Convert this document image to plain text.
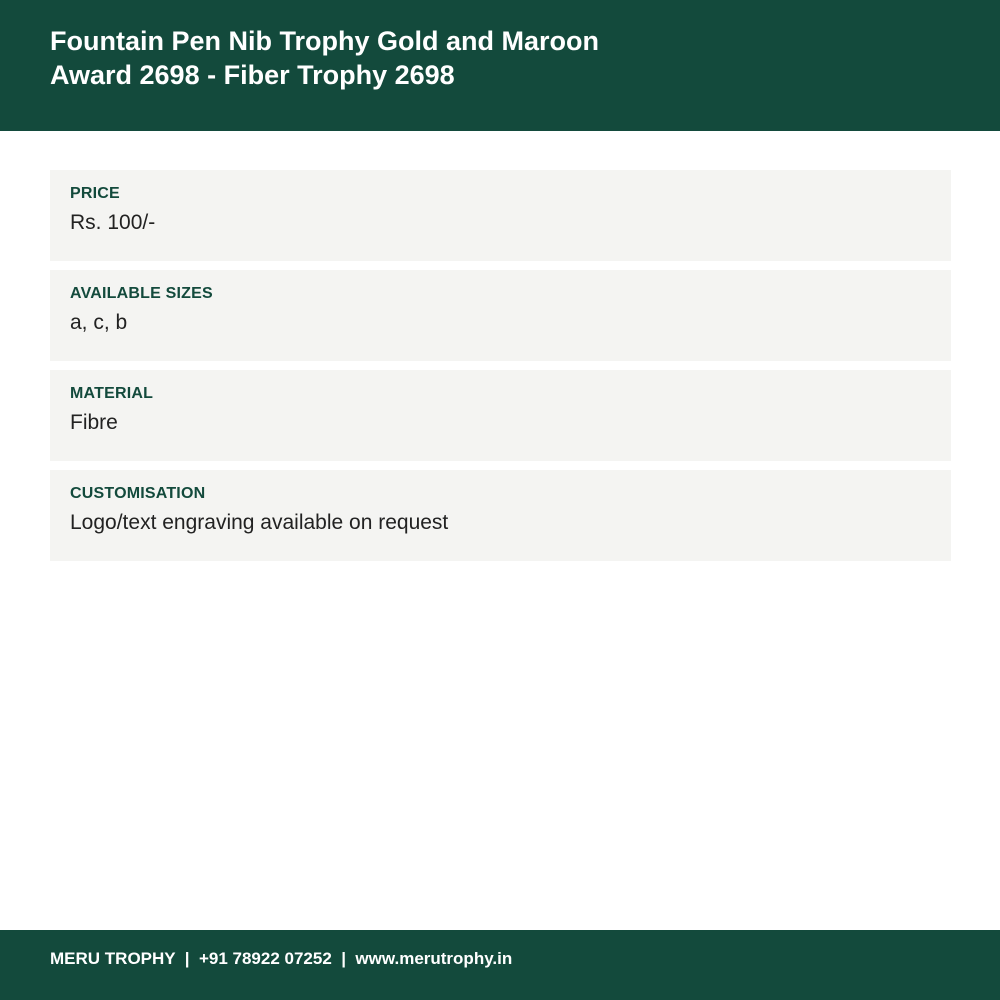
Fountain Pen Nib Trophy Gold and Maroon
Award 2698 - Fiber Trophy 2698
PRICE
Rs. 100/-
AVAILABLE SIZES
a, c, b
MATERIAL
Fibre
CUSTOMISATION
Logo/text engraving available on request
MERU TROPHY  |  +91 78922 07252  |  www.merutrophy.in
